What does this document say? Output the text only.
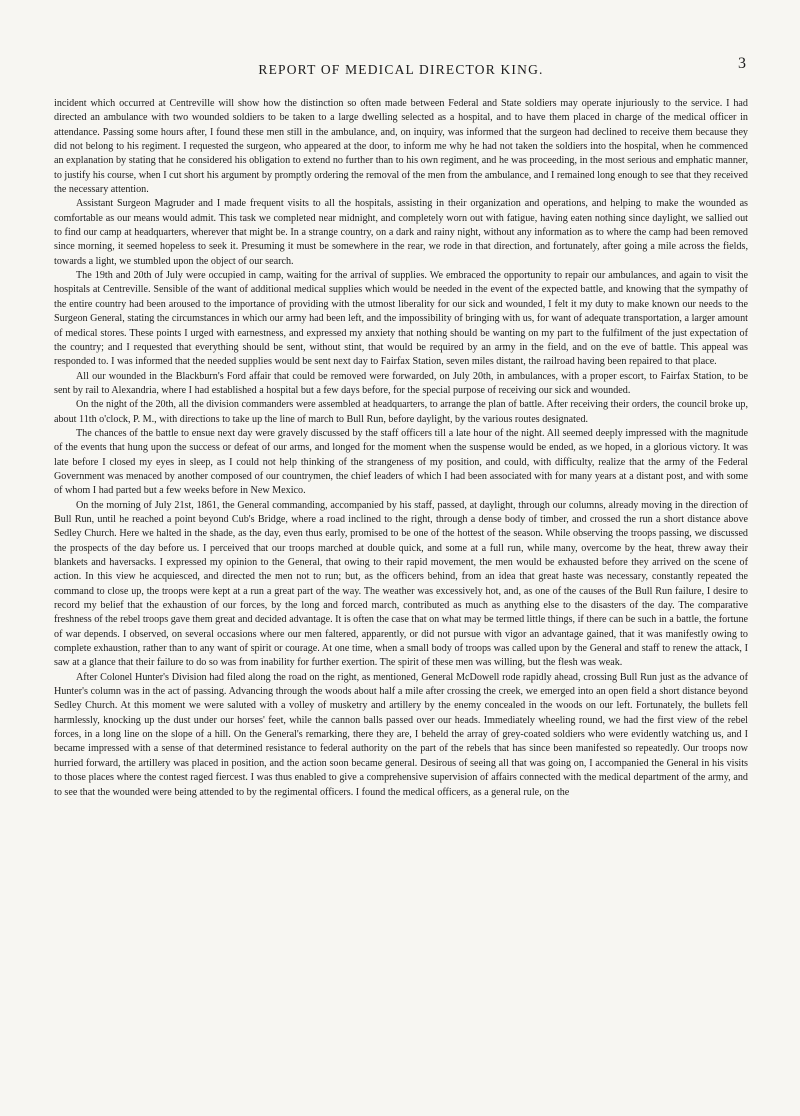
REPORT OF MEDICAL DIRECTOR KING.	3

incident which occurred at Centreville will show how the distinction so often made between Federal and State soldiers may operate injuriously to the service. I had directed an ambulance with two wounded soldiers to be taken to a large dwelling selected as a hospital, and to have them placed in charge of the medical officer in attendance. Passing some hours after, I found these men still in the ambulance, and, on inquiry, was informed that the surgeon had declined to receive them because they did not belong to his regiment. I requested the surgeon, who appeared at the door, to inform me why he had not taken the soldiers into the hospital, when he commenced an explanation by stating that he considered his obligation to extend no further than to his own regiment, and he was proceeding, in the most serious and emphatic manner, to justify his course, when I cut short his argument by promptly ordering the removal of the men from the ambulance, and I remained long enough to see that they received the necessary attention.

Assistant Surgeon Magruder and I made frequent visits to all the hospitals, assisting in their organization and operations, and helping to make the wounded as comfortable as our means would admit. This task we completed near midnight, and completely worn out with fatigue, having eaten nothing since daylight, we sallied out to find our camp at headquarters, wherever that might be. In a strange country, on a dark and rainy night, without any information as to where the camp had been removed since morning, it seemed hopeless to seek it. Presuming it must be somewhere in the rear, we rode in that direction, and fortunately, after going a mile across the fields, towards a light, we stumbled upon the object of our search.

The 19th and 20th of July were occupied in camp, waiting for the arrival of supplies. We embraced the opportunity to repair our ambulances, and again to visit the hospitals at Centreville. Sensible of the want of additional medical supplies which would be needed in the event of the expected battle, and knowing that the sympathy of the entire country had been aroused to the importance of providing with the utmost liberality for our sick and wounded, I felt it my duty to make known our needs to the Surgeon General, stating the circumstances in which our army had been left, and the impossibility of bringing with us, for want of adequate transportation, a larger amount of medical stores. These points I urged with earnestness, and expressed my anxiety that nothing should be wanting on my part to the fulfilment of the just expectation of the country; and I requested that everything should be sent, without stint, that would be required by an army in the field, and on the eve of battle. This appeal was responded to. I was informed that the needed supplies would be sent next day to Fairfax Station, seven miles distant, the railroad having been repaired to that place.

All our wounded in the Blackburn's Ford affair that could be removed were forwarded, on July 20th, in ambulances, with a proper escort, to Fairfax Station, to be sent by rail to Alexandria, where I had established a hospital but a few days before, for the special purpose of receiving our sick and wounded.

On the night of the 20th, all the division commanders were assembled at headquarters, to arrange the plan of battle. After receiving their orders, the council broke up, about 11th o'clock, P. M., with directions to take up the line of march to Bull Run, before daylight, by the various routes designated.

The chances of the battle to ensue next day were gravely discussed by the staff officers till a late hour of the night. All seemed deeply impressed with the magnitude of the events that hung upon the success or defeat of our arms, and longed for the moment when the suspense would be ended, as we hoped, in a glorious victory. It was late before I closed my eyes in sleep, as I could not help thinking of the strangeness of my position, and could, with difficulty, realize that the army of the Federal Government was menaced by another composed of our countrymen, the chief leaders of which I had been associated with for many years at a distant post, and with some of whom I had parted but a few weeks before in New Mexico.

On the morning of July 21st, 1861, the General commanding, accompanied by his staff, passed, at daylight, through our columns, already moving in the direction of Bull Run, until he reached a point beyond Cub's Bridge, where a road inclined to the right, through a dense body of timber, and crossed the run a short distance above Sedley Church. Here we halted in the shade, as the day, even thus early, promised to be one of the hottest of the season. While observing the troops passing, we discussed the prospects of the day before us. I perceived that our troops marched at double quick, and some at a full run, while many, overcome by the heat, threw away their blankets and haversacks. I expressed my opinion to the General, that owing to their rapid movement, the men would be exhausted before they arrived on the scene of action. In this view he acquiesced, and directed the men not to run; but, as the officers behind, from an idea that great haste was necessary, constantly repeated the command to close up, the troops were kept at a run a great part of the way. The weather was excessively hot, and, as one of the causes of the Bull Run failure, I desire to record my belief that the exhaustion of our forces, by the long and forced march, contributed as much as anything else to the disasters of the day. The comparative freshness of the rebel troops gave them great and decided advantage. It is often the case that on what may be termed little things, if there can be such in a battle, the fortune of war depends. I observed, on several occasions where our men faltered, apparently, or did not pursue with vigor an advantage gained, that it was manifestly owing to complete exhaustion, rather than to any want of spirit or courage. At one time, when a small body of troops was called upon by the General and staff to renew the attack, I saw at a glance that their failure to do so was from inability for further exertion. The spirit of these men was willing, but the flesh was weak.

After Colonel Hunter's Division had filed along the road on the right, as mentioned, General McDowell rode rapidly ahead, crossing Bull Run just as the advance of Hunter's column was in the act of passing. Advancing through the woods about half a mile after crossing the creek, we emerged into an open field a short distance beyond Sedley Church. At this moment we were saluted with a volley of musketry and artillery by the enemy concealed in the woods on our left. Fortunately, the bullets fell harmlessly, knocking up the dust under our horses' feet, while the cannon balls passed over our heads. Immediately wheeling round, we had the first view of the rebel forces, in a long line on the slope of a hill. On the General's remarking, there they are, I beheld the array of grey-coated soldiers who were evidently watching us, and I became impressed with a sense of that determined resistance to federal authority on the part of the rebels that has since been manifested so repeatedly. Our troops now hurried forward, the artillery was placed in position, and the action soon became general. Desirous of seeing all that was going on, I accompanied the General in his visits to those places where the contest raged fiercest. I was thus enabled to give a comprehensive supervision of affairs connected with the medical department of the army, and to see that the wounded were being attended to by the regimental officers. I found the medical officers, as a general rule, on the
